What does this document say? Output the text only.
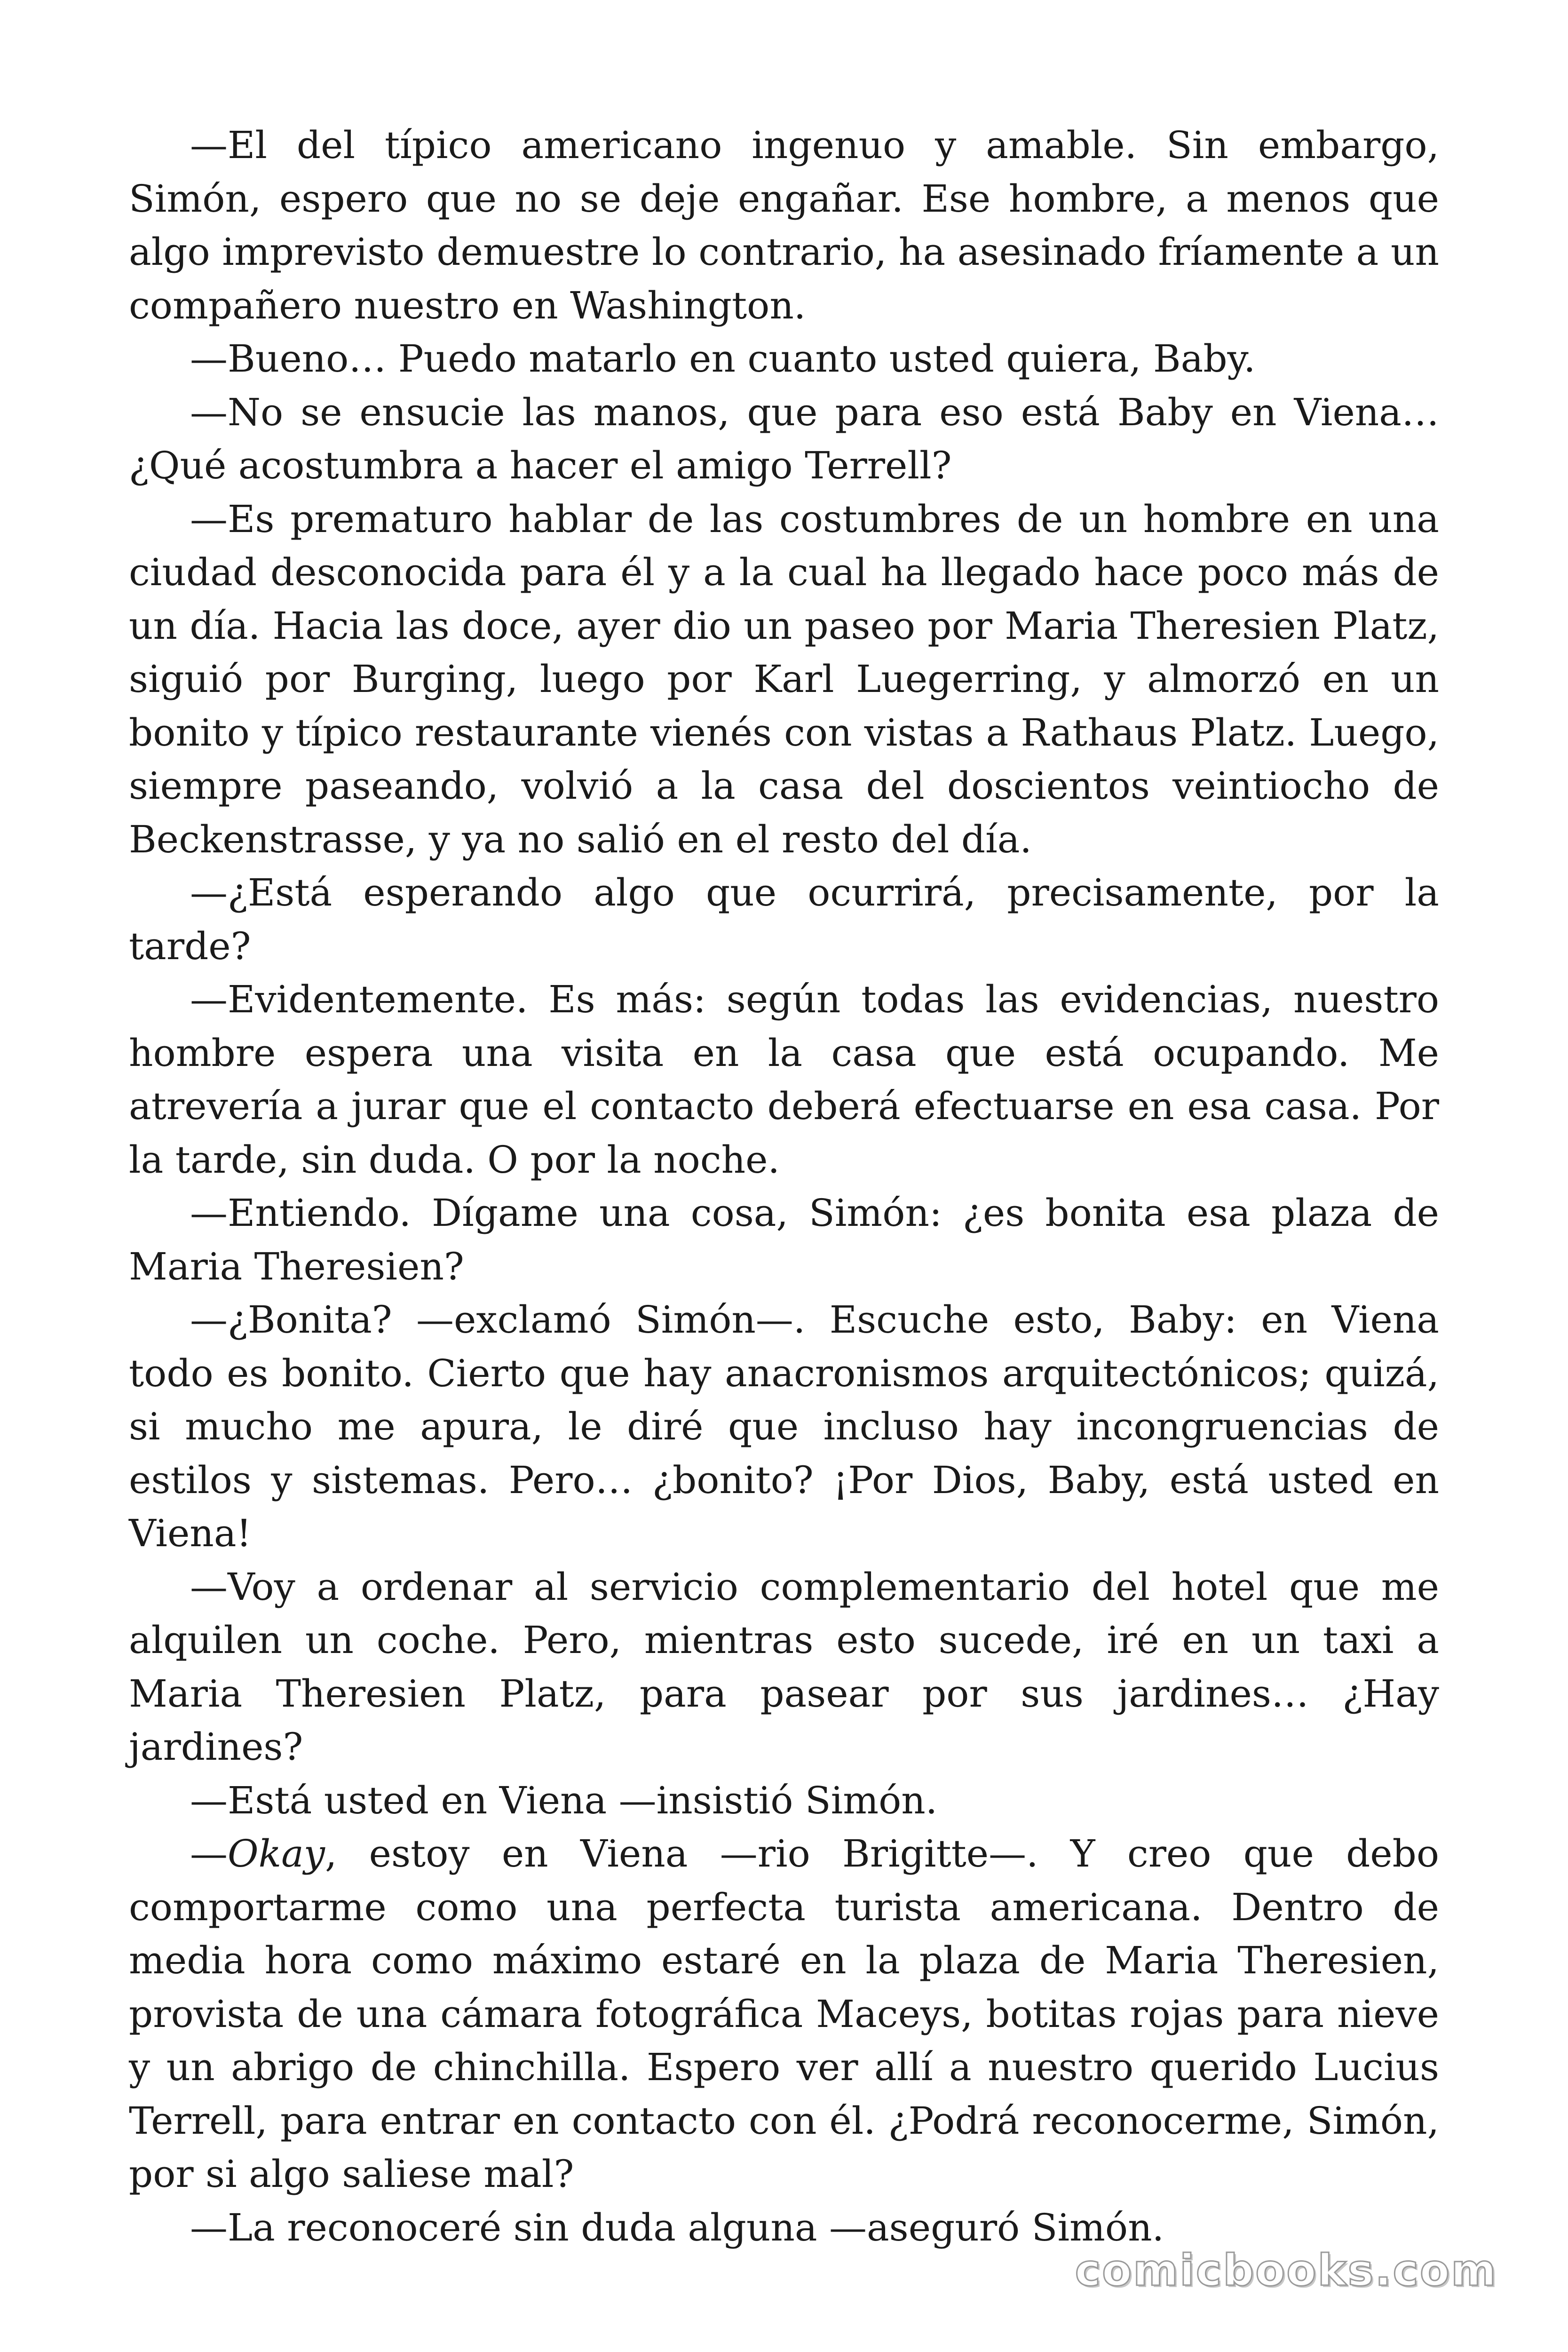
—El del típico americano ingenuo y amable. Sin embargo, Simón, espero que no se deje engañar. Ese hombre, a menos que algo imprevisto demuestre lo contrario, ha asesinado fríamente a un compañero nuestro en Washington.

—Bueno… Puedo matarlo en cuanto usted quiera, Baby.

—No se ensucie las manos, que para eso está Baby en Viena… ¿Qué acostumbra a hacer el amigo Terrell?

—Es prematuro hablar de las costumbres de un hombre en una ciudad desconocida para él y a la cual ha llegado hace poco más de un día. Hacia las doce, ayer dio un paseo por Maria Theresien Platz, siguió por Burging, luego por Karl Luegerring, y almorzó en un bonito y típico restaurante vienés con vistas a Rathaus Platz. Luego, siempre paseando, volvió a la casa del doscientos veintiocho de Beckenstrasse, y ya no salió en el resto del día.

—¿Está esperando algo que ocurrirá, precisamente, por la tarde?

—Evidentemente. Es más: según todas las evidencias, nuestro hombre espera una visita en la casa que está ocupando. Me atrevería a jurar que el contacto deberá efectuarse en esa casa. Por la tarde, sin duda. O por la noche.

—Entiendo. Dígame una cosa, Simón: ¿es bonita esa plaza de Maria Theresien?

—¿Bonita? —exclamó Simón—. Escuche esto, Baby: en Viena todo es bonito. Cierto que hay anacronismos arquitectónicos; quizá, si mucho me apura, le diré que incluso hay incongruencias de estilos y sistemas. Pero… ¿bonito? ¡Por Dios, Baby, está usted en Viena!

—Voy a ordenar al servicio complementario del hotel que me alquilen un coche. Pero, mientras esto sucede, iré en un taxi a Maria Theresien Platz, para pasear por sus jardines… ¿Hay jardines?

—Está usted en Viena —insistió Simón.

—Okay, estoy en Viena —rio Brigitte—. Y creo que debo comportarme como una perfecta turista americana. Dentro de media hora como máximo estaré en la plaza de Maria Theresien, provista de una cámara fotográfica Maceys, botitas rojas para nieve y un abrigo de chinchilla. Espero ver allí a nuestro querido Lucius Terrell, para entrar en contacto con él. ¿Podrá reconocerme, Simón, por si algo saliese mal?

—La reconoceré sin duda alguna —aseguró Simón.

comicbooks.com
